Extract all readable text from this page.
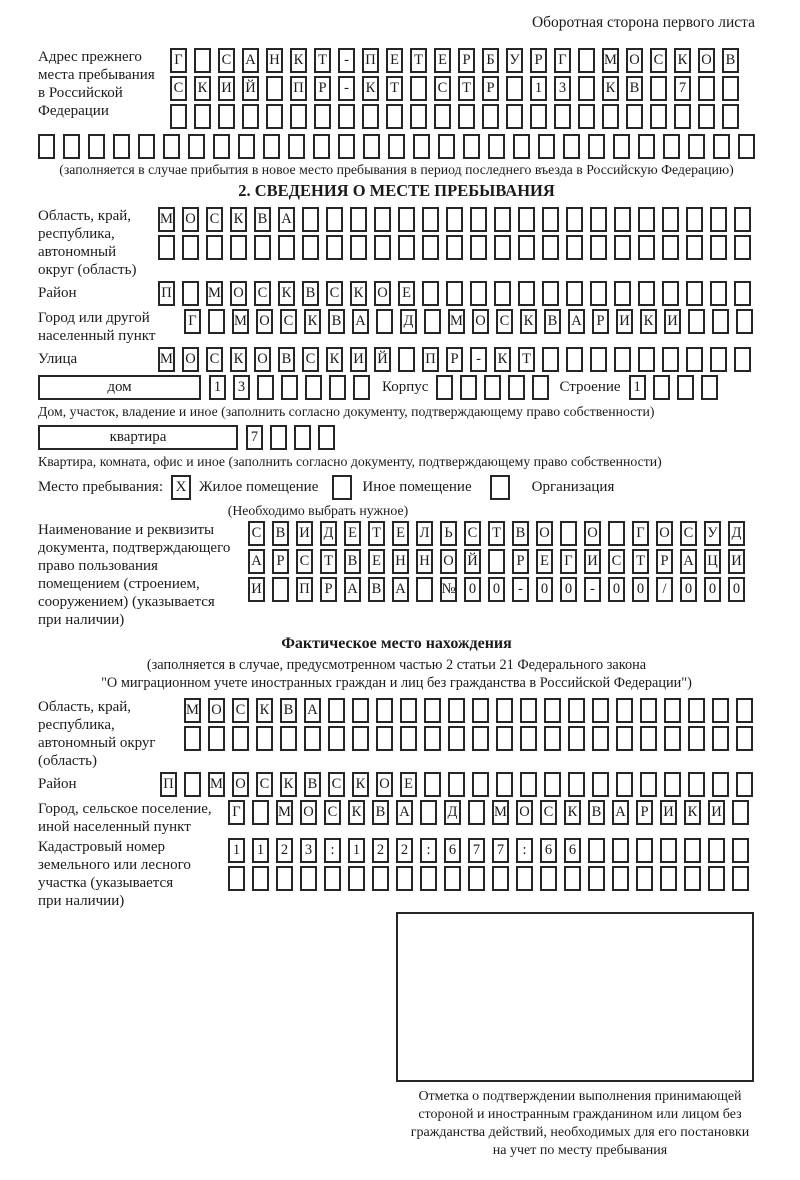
Оборотная сторона первого листа
Адрес прежнего
места пребывания
в Российской
Федерации
Г	С А Н К Т	-	П Е Т Е	Р	Б У	Р	Г	М О С К О В
С К И Й	П	Р	-	К Т	С Т	Р	1	3	К В	7
(заполняется в случае прибытия в новое место пребывания в период последнего въезда в Российскую Федерацию)
2. СВЕДЕНИЯ О МЕСТЕ ПРЕБЫВАНИЯ
Область, край,
республика,
автономный
округ (область)
М О С К В А
Район	П	М О С К В С К О Е
Город или другой
населенный пункт
Г	М О С К В А	Д	М О С К В А	Р	И К И
Улица	М О С К О В С К И Й	П	Р	-	К Т
дом	1	3	Корпус	Строение 1
Дом, участок, владение и иное (заполнить согласно документу, подтверждающему право собственности)
квартира	7
Квартира, комната, офис и иное (заполнить согласно документу, подтверждающему право собственности)
Место пребывания: X Жилое помещение	Иное помещение	Организация
(Необходимо выбрать нужное)
Наименование и реквизиты
документа, подтверждающего
право пользования
помещением (строением,
сооружением) (указывается
при наличии)
С В И Д Е Т Е Л Ь С Т В О	О	Г О С У Д
А	Р	С Т В Е Н Н О Й	Р	Е Г И С Т	Р	А Ц И
И	П	Р	А В А № 0	0	-	0	0	-	0	0	/	0	0	0
Фактическое место нахождения
(заполняется в случае, предусмотренном частью 2 статьи 21 Федерального закона
"О миграционном учете иностранных граждан и лиц без гражданства в Российской Федерации")
Область, край,
республика,
автономный округ
(область)
М О С К В А
Район	П	М О С К В С К О Е
Город, сельское поселение,
иной населенный пункт
Г	М О С К В А	Д	М О С К В А	Р	И К И
Кадастровый номер
земельного или лесного
участка (указывается
при наличии)
1	1	2	3	:	1	2	2	:	6	7	7	:	6	6
Отметка о подтверждении выполнения принимающей
стороной и иностранным гражданином или лицом без
гражданства действий, необходимых для его постановки
на учет по месту пребывания
